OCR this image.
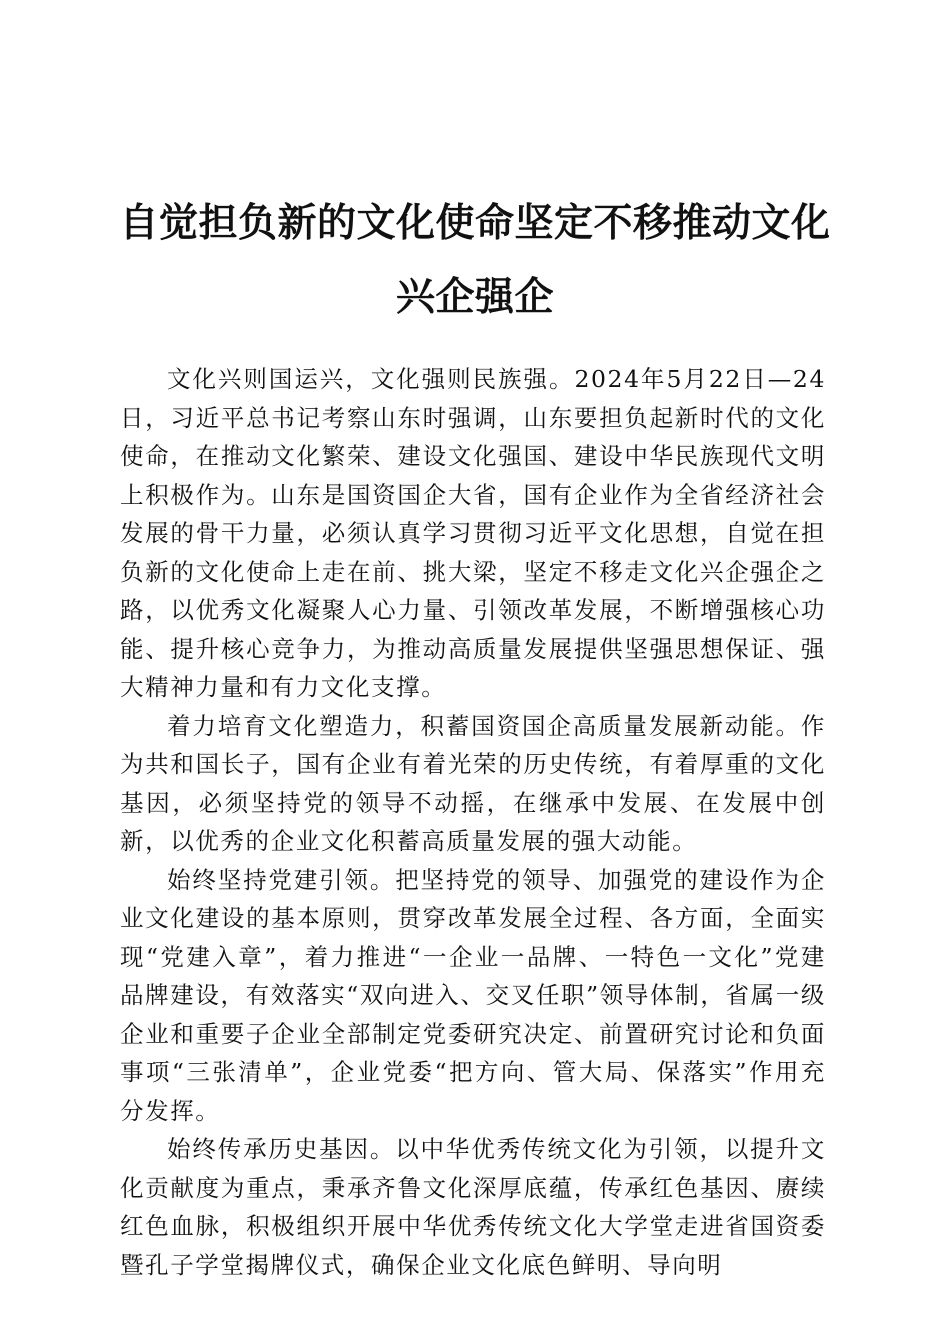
自觉担负新的文化使命坚定不移推动文化兴企强企

文化兴则国运兴，文化强则民族强。2024年5月22日—24日，习近平总书记考察山东时强调，山东要担负起新时代的文化使命，在推动文化繁荣、建设文化强国、建设中华民族现代文明上积极作为。山东是国资国企大省，国有企业作为全省经济社会发展的骨干力量，必须认真学习贯彻习近平文化思想，自觉在担负新的文化使命上走在前、挑大梁，坚定不移走文化兴企强企之路，以优秀文化凝聚人心力量、引领改革发展，不断增强核心功能、提升核心竞争力，为推动高质量发展提供坚强思想保证、强大精神力量和有力文化支撑。

着力培育文化塑造力，积蓄国资国企高质量发展新动能。作为共和国长子，国有企业有着光荣的历史传统，有着厚重的文化基因，必须坚持党的领导不动摇，在继承中发展、在发展中创新，以优秀的企业文化积蓄高质量发展的强大动能。

始终坚持党建引领。把坚持党的领导、加强党的建设作为企业文化建设的基本原则，贯穿改革发展全过程、各方面，全面实现“党建入章”，着力推进“一企业一品牌、一特色一文化”党建品牌建设，有效落实“双向进入、交叉任职”领导体制，省属一级企业和重要子企业全部制定党委研究决定、前置研究讨论和负面事项“三张清单”，企业党委“把方向、管大局、保落实”作用充分发挥。

始终传承历史基因。以中华优秀传统文化为引领，以提升文化贡献度为重点，秉承齐鲁文化深厚底蕴，传承红色基因、赓续红色血脉，积极组织开展中华优秀传统文化大学堂走进省国资委暨孔子学堂揭牌仪式，确保企业文化底色鲜明、导向明
